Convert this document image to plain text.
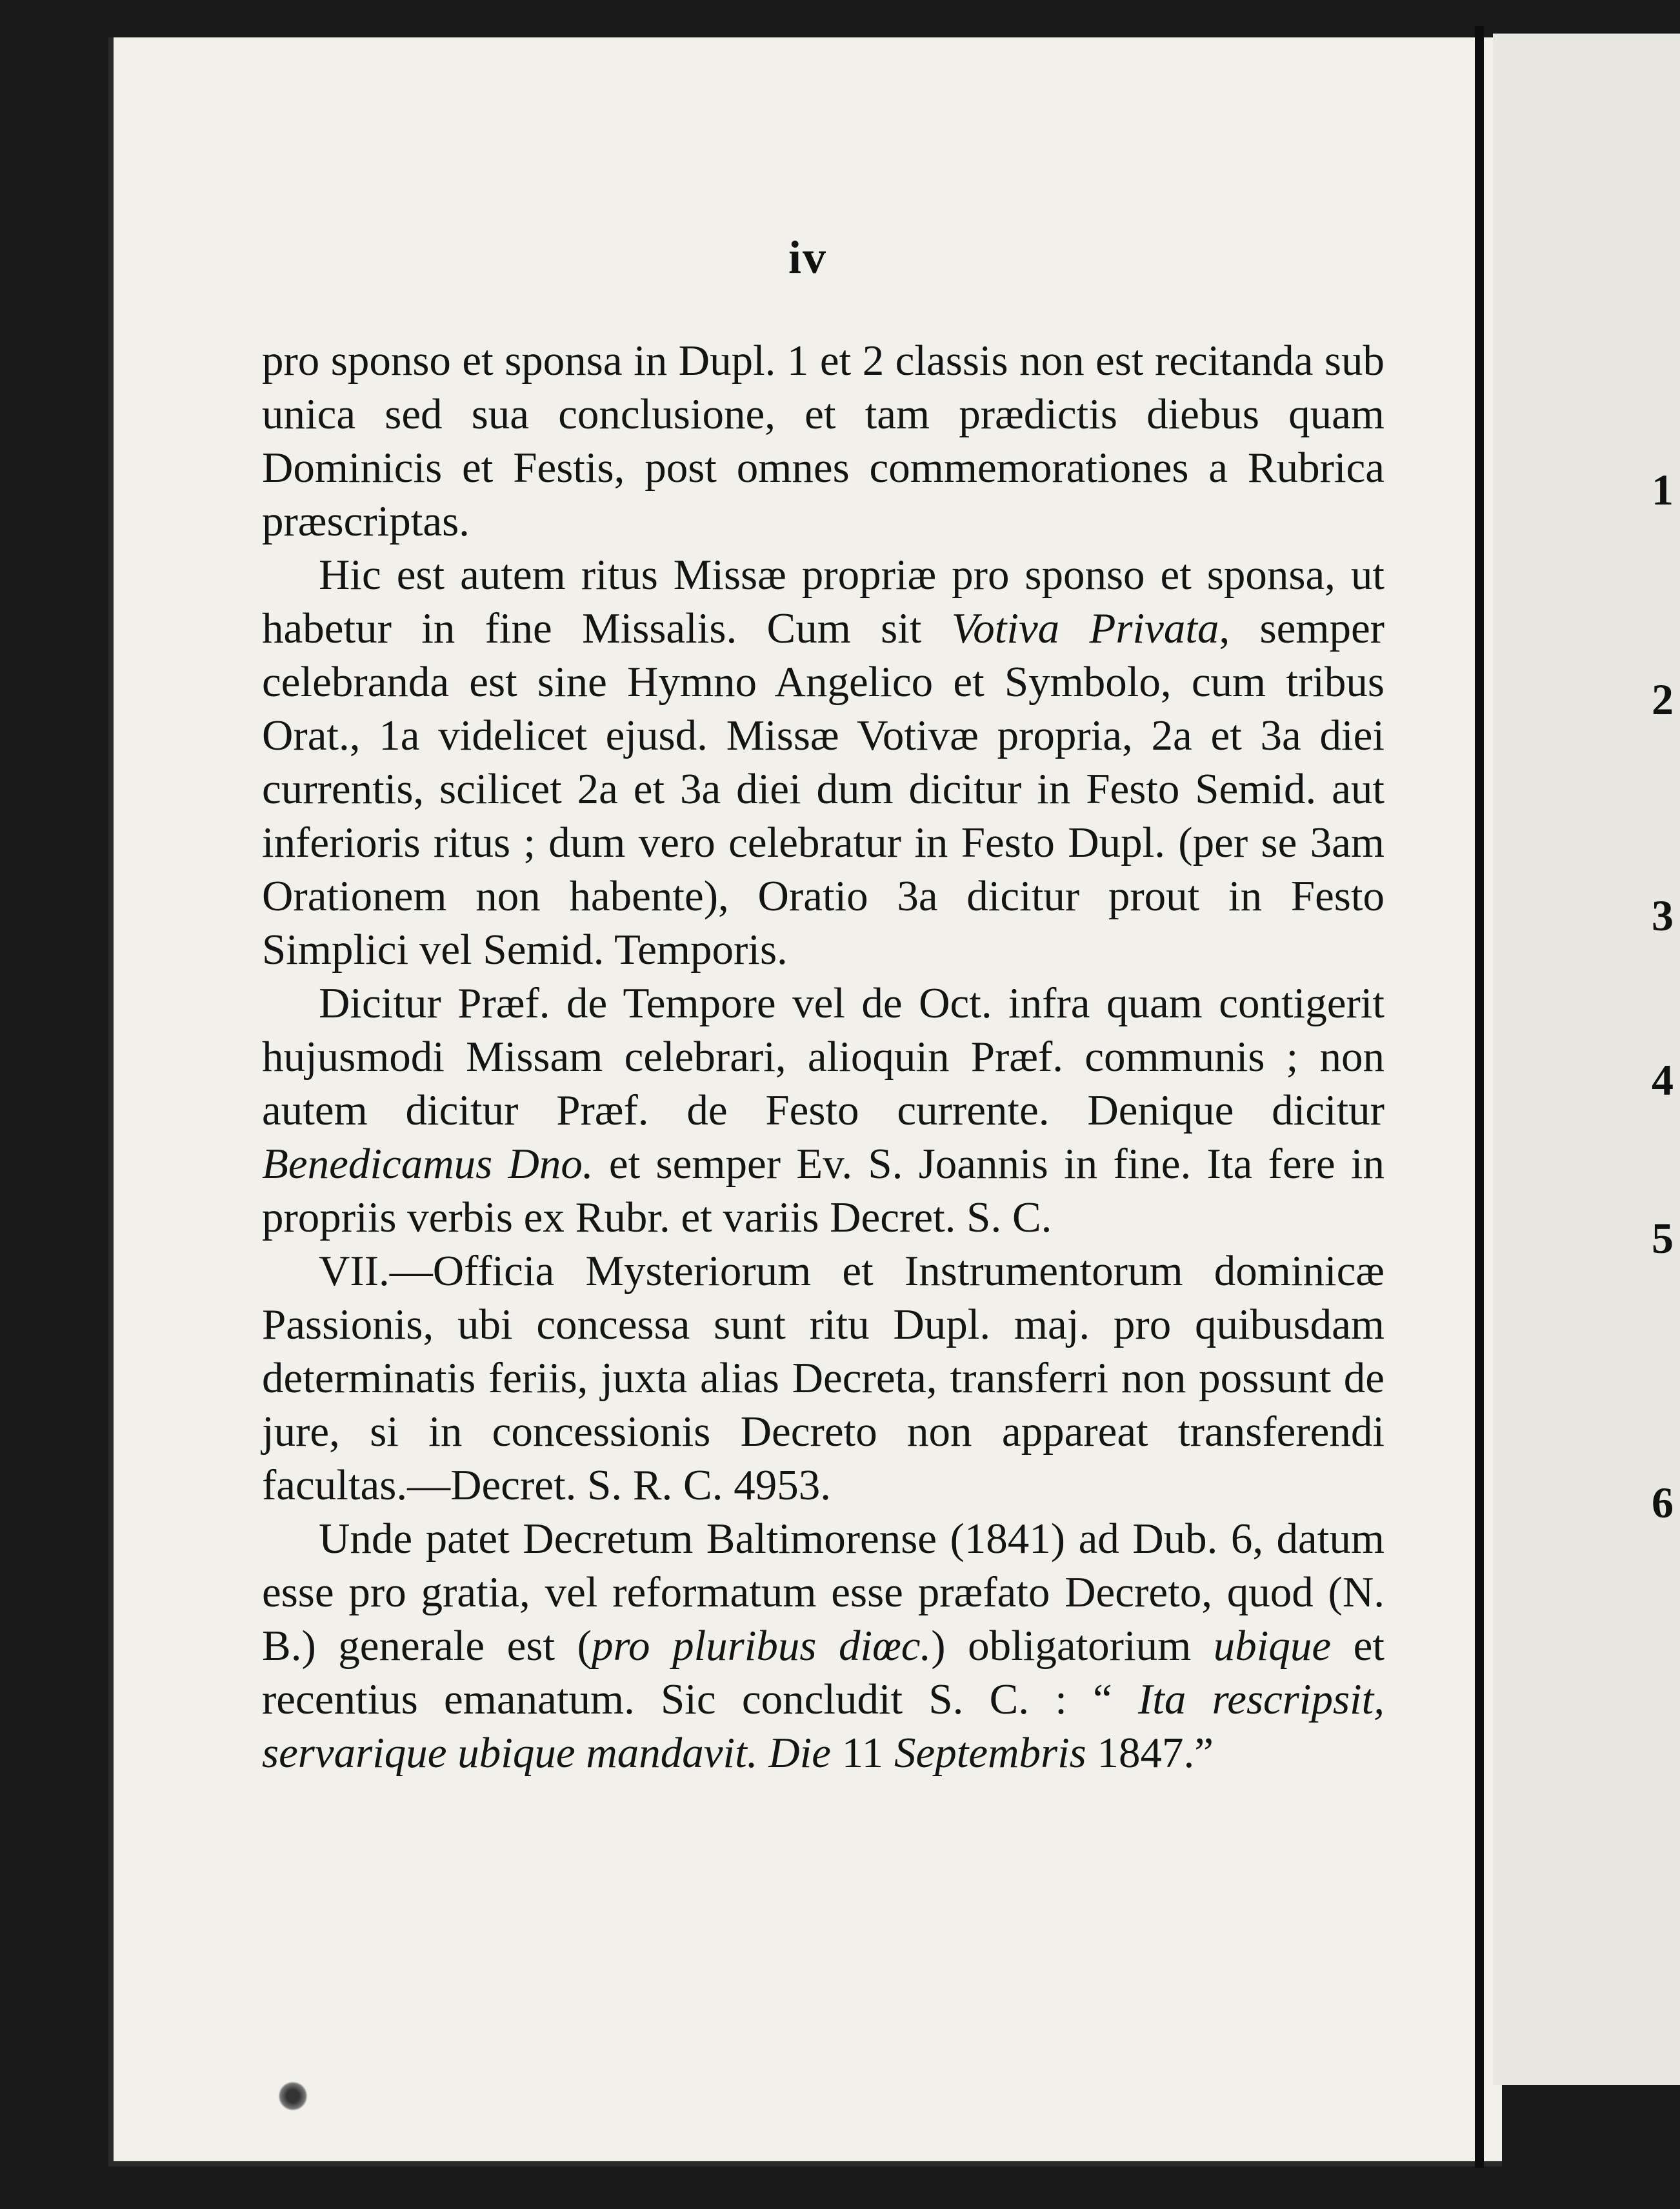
iv

pro sponso et sponsa in Dupl. 1 et 2 classis non est recitanda sub unica sed sua conclusione, et tam prædictis diebus quam Dominicis et Festis, post omnes commemorationes a Rubrica præscriptas.

Hic est autem ritus Missæ propriæ pro sponso et sponsa, ut habetur in fine Missalis. Cum sit Votiva Privata, semper celebranda est sine Hymno Angelico et Symbolo, cum tribus Orat., 1a videlicet ejusd. Missæ Votivæ propria, 2a et 3a diei currentis, scilicet 2a et 3a diei dum dicitur in Festo Semid. aut inferioris ritus ; dum vero celebratur in Festo Dupl. (per se 3am Orationem non habente), Oratio 3a dicitur prout in Festo Simplici vel Semid. Temporis.

Dicitur Præf. de Tempore vel de Oct. infra quam contigerit hujusmodi Missam celebrari, alioquin Præf. communis ; non autem dicitur Præf. de Festo currente. Denique dicitur Benedicamus Dno. et semper Ev. S. Joannis in fine. Ita fere in propriis verbis ex Rubr. et variis Decret. S. C.

VII.—Officia Mysteriorum et Instrumentorum dominicæ Passionis, ubi concessa sunt ritu Dupl. maj. pro quibusdam determinatis feriis, juxta alias Decreta, transferri non possunt de jure, si in concessionis Decreto non appareat transferendi facultas.—Decret. S. R. C. 4953.

Unde patet Decretum Baltimorense (1841) ad Dub. 6, datum esse pro gratia, vel reformatum esse præfato Decreto, quod (N. B.) generale est (pro pluribus diœc.) obligatorium ubique et recentius emanatum. Sic concludit S. C. : “ Ita rescripsit, servarique ubique mandavit. Die 11 Septembris 1847.”

1
2
3
4
5
6
